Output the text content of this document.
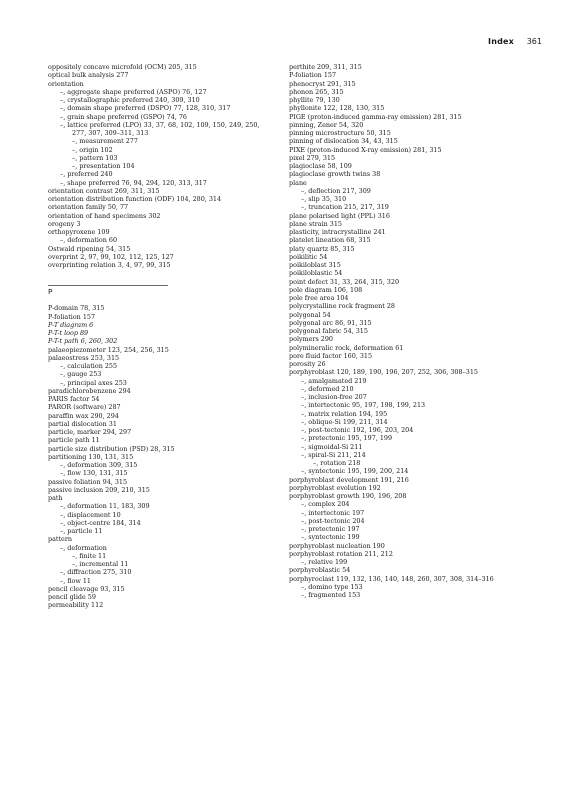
Index 361
oppositely concave microfold (OCM) 205, 315
optical bulk analysis 277
orientation
–, aggregate shape preferred (ASPO) 76, 127
–, crystallographic preferred 240, 309, 310
–, domain shape preferred (DSPO) 77, 128, 310, 317
–, grain shape preferred (GSPO) 74, 76
–, lattice preferred (LPO) 33, 37, 68, 102, 109, 150, 249, 250,
277, 307, 309–311, 313
–, measurement 277
–, origin 102
–, pattern 103
–, presentation 104
–, preferred 240
–, shape preferred 76, 94, 294, 120, 313, 317
orientation contrast 269, 311, 315
orientation distribution function (ODF) 104, 280, 314
orientation family 50, 77
orientation of hand specimens 302
orogeny 3
orthopyroxene 109
–, deformation 60
Ostwald ripening 54, 315
overprint 2, 97, 99, 102, 112, 125, 127
overprinting relation 3, 4, 97, 99, 315
P
P-domain 78, 315
P-foliation 157
P-T diagram 6
P-T-t loop 89
P-T-t path 6, 260, 302
palaeopiezometer 123, 254, 256, 315
palaeostress 253, 315
–, calculation 255
–, gauge 253
–, principal axes 253
paradichlorobenzene 294
PARIS factor 54
PAROR (software) 287
paraffin wax 290, 294
partial dislocation 31
particle, marker 294, 297
particle path 11
particle size distribution (PSD) 28, 315
partitioning 130, 131, 315
–, deformation 309, 315
–, flow 130, 131, 315
passive foliation 94, 315
passive inclusion 209, 210, 315
path
–, deformation 11, 183, 309
–, displacement 10
–, object-centre 184, 314
–, particle 11
pattern
–, deformation
–, finite 11
–, incremental 11
–, diffraction 275, 310
–, flow 11
pencil cleavage 93, 315
pencil glide 59
permeability 112
perthite 209, 311, 315
P-foliation 157
phenocryst 291, 315
phonon 265, 315
phyllite 79, 130
phyllonite 122, 128, 130, 315
PIGE (proton-induced gamma-ray emission) 281, 315
pinning, Zener 54, 320
pinning microstructure 50, 315
pinning of dislocation 34, 43, 315
PIXE (proton-induced X-ray emission) 281, 315
pixel 279, 315
plagioclase 58, 109
plagioclase growth twins 38
plane
–, deflection 217, 309
–, slip 35, 310
–, truncation 215, 217, 319
plane polarised light (PPL) 316
plane strain 315
plasticity, intracrystalline 241
platelet lineation 68, 315
platy quartz 85, 315
poikilitic 54
poikiloblast 315
poikiloblastic 54
point defect 31, 33, 264, 315, 320
pole diagram 106, 108
pole free area 104
polycrystalline rock fragment 28
polygonal 54
polygonal arc 86, 91, 315
polygonal fabric 54, 315
polymers 290
polymineralic rock, deformation 61
pore fluid factor 160, 315
porosity 26
porphyroblast 120, 189, 190, 196, 207, 252, 306, 308–315
–, amalgamated 219
–, deformed 210
–, inclusion-free 207
–, intertectonic 95, 197, 198, 199, 213
–, matrix relation 194, 195
–, oblique-Si 199, 211, 314
–, post-tectonic 192, 196, 203, 204
–, pretectonic 195, 197, 199
–, sigmoidal-Si 211
–, spiral-Si 211, 214
–, rotation 218
–, syntectonic 195, 199, 200, 214
porphyroblast development 191, 216
porphyroblast evolution 192
porphyroblast growth 190, 196, 208
–, complex 204
–, intertectonic 197
–, post-tectonic 204
–, pretectonic 197
–, syntectonic 199
porphyroblast nucleation 190
porphyroblast rotation 211, 212
–, relative 199
porphyroblastic 54
porphyroclast 119, 132, 136, 140, 148, 260, 307, 308, 314–316
–, domino type 153
–, fragmented 153
